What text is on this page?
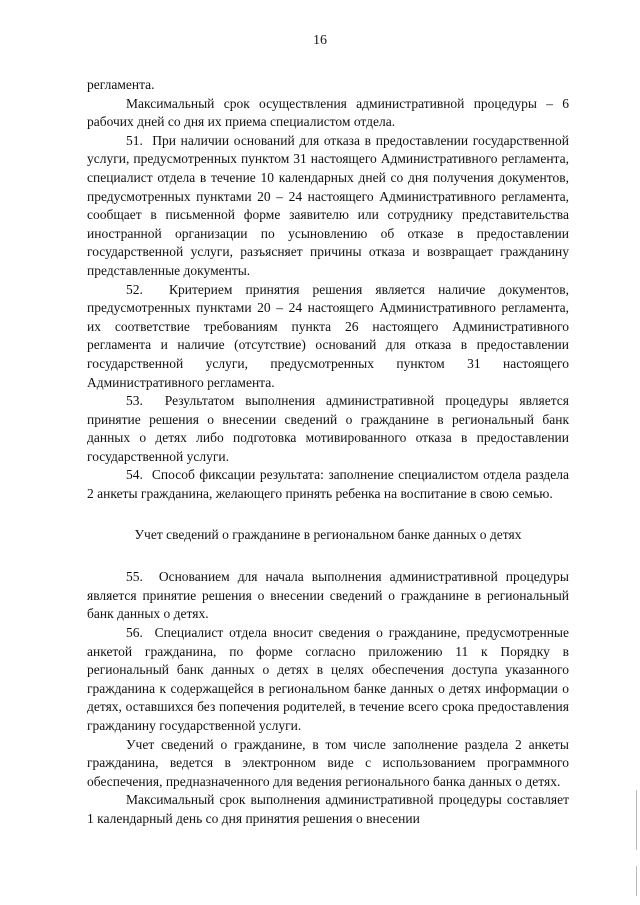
16

регламента.

Максимальный срок осуществления административной процедуры – 6 рабочих дней со дня их приема специалистом отдела.

51.  При наличии оснований для отказа в предоставлении государственной услуги, предусмотренных пунктом 31 настоящего Административного регламента, специалист отдела в течение 10 календарных дней со дня получения документов, предусмотренных пунктами 20 – 24 настоящего Административного регламента, сообщает в письменной форме заявителю или сотруднику представительства иностранной организации по усыновлению об отказе в предоставлении государственной услуги, разъясняет причины отказа и возвращает гражданину представленные документы.

52.  Критерием принятия решения является наличие документов, предусмотренных пунктами 20 – 24 настоящего Административного регламента, их соответствие требованиям пункта 26 настоящего Административного регламента и наличие (отсутствие) оснований для отказа в предоставлении государственной услуги, предусмотренных пунктом 31 настоящего Административного регламента.

53.  Результатом выполнения административной процедуры является принятие решения о внесении сведений о гражданине в региональный банк данных о детях либо подготовка мотивированного отказа в предоставлении государственной услуги.

54.  Способ фиксации результата: заполнение специалистом отдела раздела 2 анкеты гражданина, желающего принять ребенка на воспитание в свою семью.

Учет сведений о гражданине в региональном банке данных о детях

55.  Основанием для начала выполнения административной процедуры является принятие решения о внесении сведений о гражданине в региональный банк данных о детях.

56.  Специалист отдела вносит сведения о гражданине, предусмотренные анкетой гражданина, по форме согласно приложению 11 к Порядку в региональный банк данных о детях в целях обеспечения доступа указанного гражданина к содержащейся в региональном банке данных о детях информации о детях, оставшихся без попечения родителей, в течение всего срока предоставления гражданину государственной услуги.

Учет сведений о гражданине, в том числе заполнение раздела 2 анкеты гражданина, ведется в электронном виде с использованием программного обеспечения, предназначенного для ведения регионального банка данных о детях.

Максимальный срок выполнения административной процедуры составляет 1 календарный день со дня принятия решения о внесении
